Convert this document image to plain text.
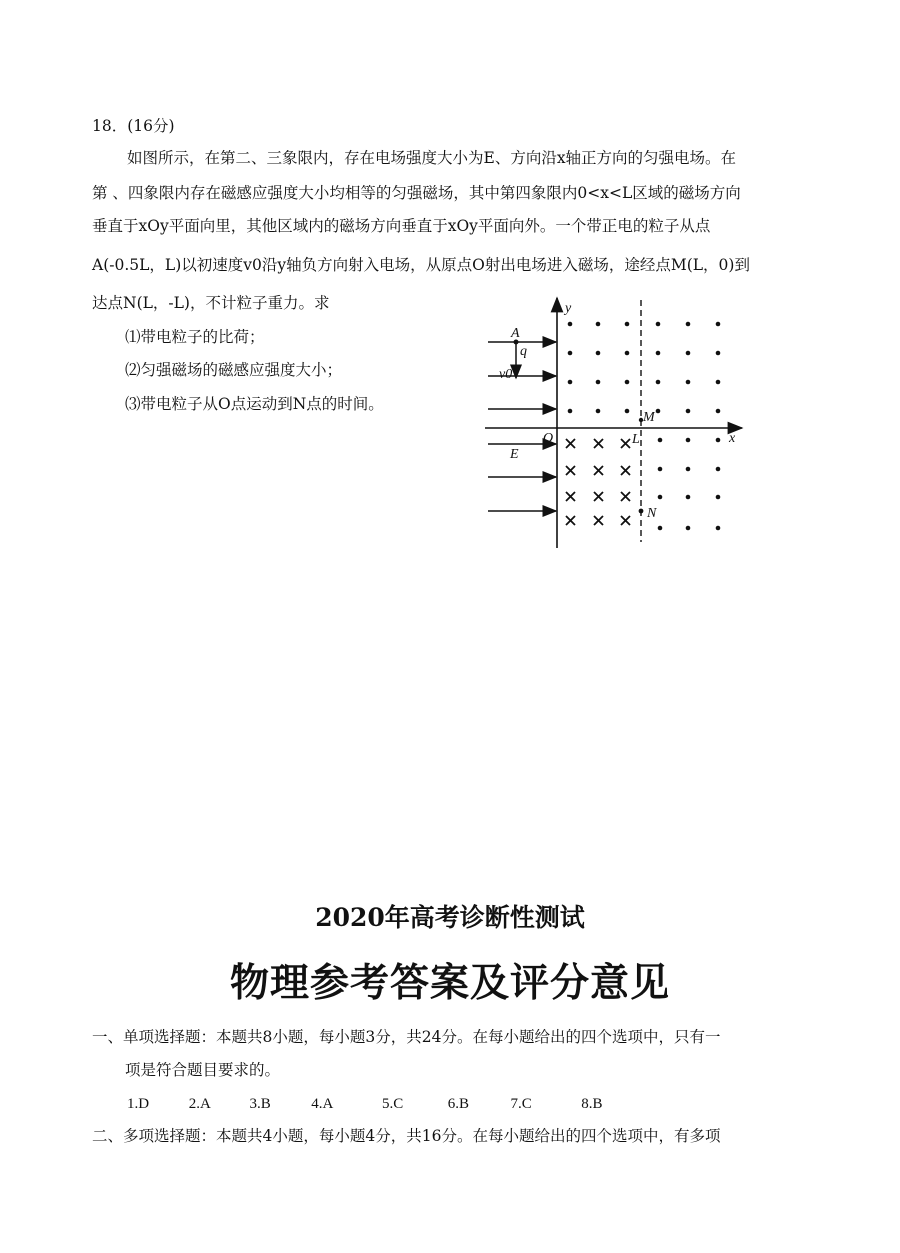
18．(16分)
如图所示，在第二、三象限内，存在电场强度大小为E、方向沿x轴正方向的匀强电场。在
第 、四象限内存在磁感应强度大小均相等的匀强磁场，其中第四象限内0<x<L区域的磁场方向
垂直于xOy平面向里，其他区域内的磁场方向垂直于xOy平面向外。一个带正电的粒子从点
A(-0.5L，L)以初速度v0沿y轴负方向射入电场，从原点O射出电场进入磁场，途经点M(L，0)到
达点N(L，-L)，不计粒子重力。求
⑴带电粒子的比荷；
⑵匀强磁场的磁感应强度大小；
⑶带电粒子从O点运动到N点的时间。
y
x
A
q
v0
O	L
M
N
E
2020年高考诊断性测试
物理参考答案及评分意见
一、单项选择题：本题共8小题，每小题3分，共24分。在每小题给出的四个选项中，只有一
项是符合题目要求的。
1.D	2.A	3.B	4.A	5.C	6.B	7.C	8.B
二、多项选择题：本题共4小题，每小题4分，共16分。在每小题给出的四个选项中，有多项
